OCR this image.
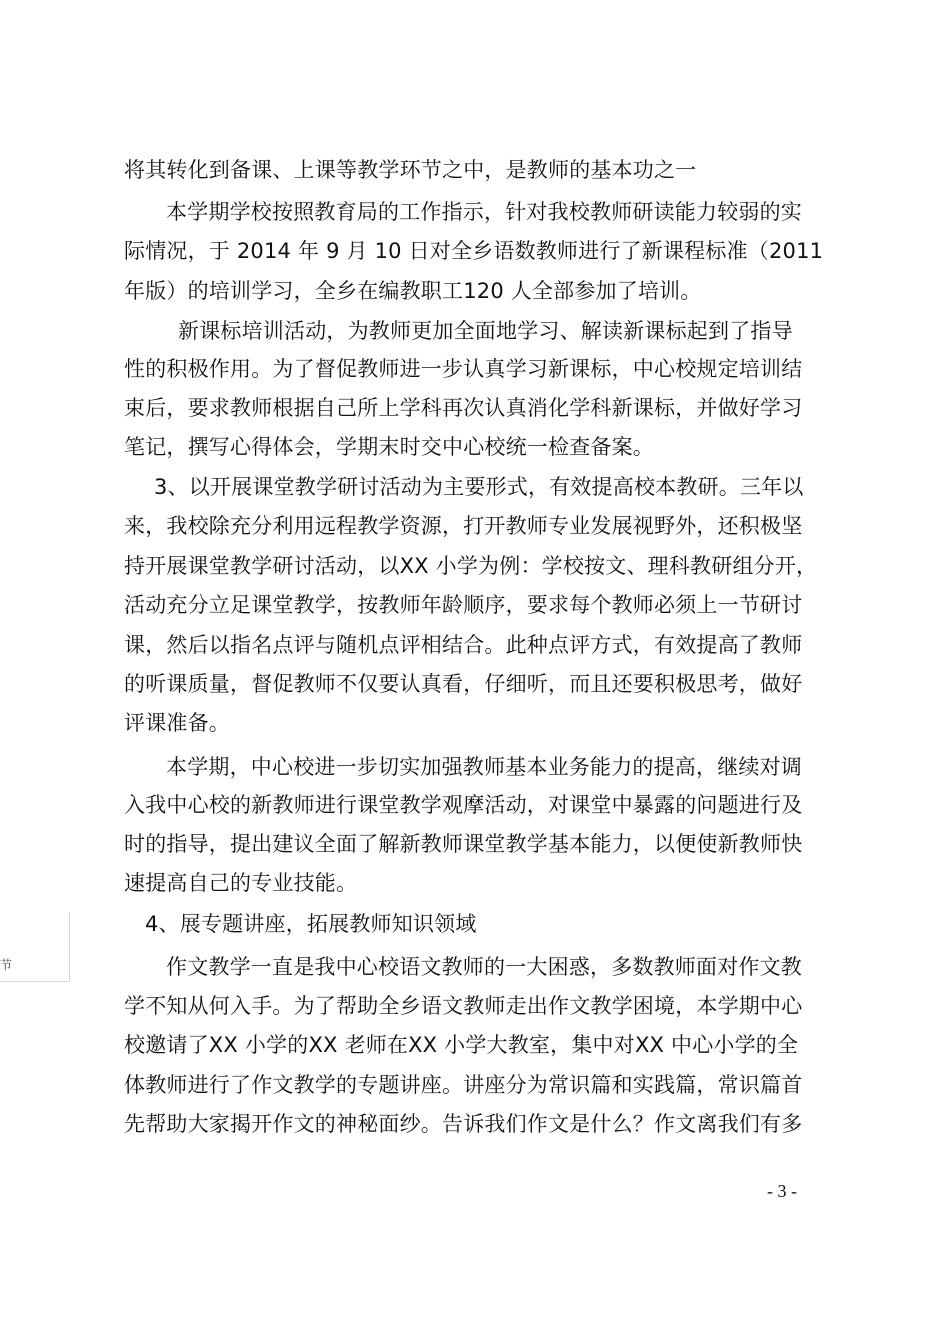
将其转化到备课、上课等教学环节之中，是教师的基本功之一
本学期学校按照教育局的工作指示，针对我校教师研读能力较弱的实
际情况，于 2014 年 9 月 10 日对全乡语数教师进行了新课程标准（2011
年版）的培训学习，全乡在编教职工120 人全部参加了培训。
新课标培训活动，为教师更加全面地学习、解读新课标起到了指导
性的积极作用。为了督促教师进一步认真学习新课标，中心校规定培训结
束后，要求教师根据自己所上学科再次认真消化学科新课标，并做好学习
笔记，撰写心得体会，学期末时交中心校统一检查备案。
3、以开展课堂教学研讨活动为主要形式，有效提高校本教研。三年以
来，我校除充分利用远程教学资源，打开教师专业发展视野外，还积极坚
持开展课堂教学研讨活动，以XX 小学为例：学校按文、理科教研组分开，
活动充分立足课堂教学，按教师年龄顺序，要求每个教师必须上一节研讨
课，然后以指名点评与随机点评相结合。此种点评方式，有效提高了教师
的听课质量，督促教师不仅要认真看，仔细听，而且还要积极思考，做好
评课准备。
本学期，中心校进一步切实加强教师基本业务能力的提高，继续对调
入我中心校的新教师进行课堂教学观摩活动，对课堂中暴露的问题进行及
时的指导，提出建议全面了解新教师课堂教学基本能力，以便使新教师快
速提高自己的专业技能。
4、展专题讲座，拓展教师知识领域
作文教学一直是我中心校语文教师的一大困惑，多数教师面对作文教
学不知从何入手。为了帮助全乡语文教师走出作文教学困境，本学期中心
校邀请了XX 小学的XX 老师在XX 小学大教室，集中对XX 中心小学的全
体教师进行了作文教学的专题讲座。讲座分为常识篇和实践篇，常识篇首
先帮助大家揭开作文的神秘面纱。告诉我们作文是什么？作文离我们有多
节
- 3 -
